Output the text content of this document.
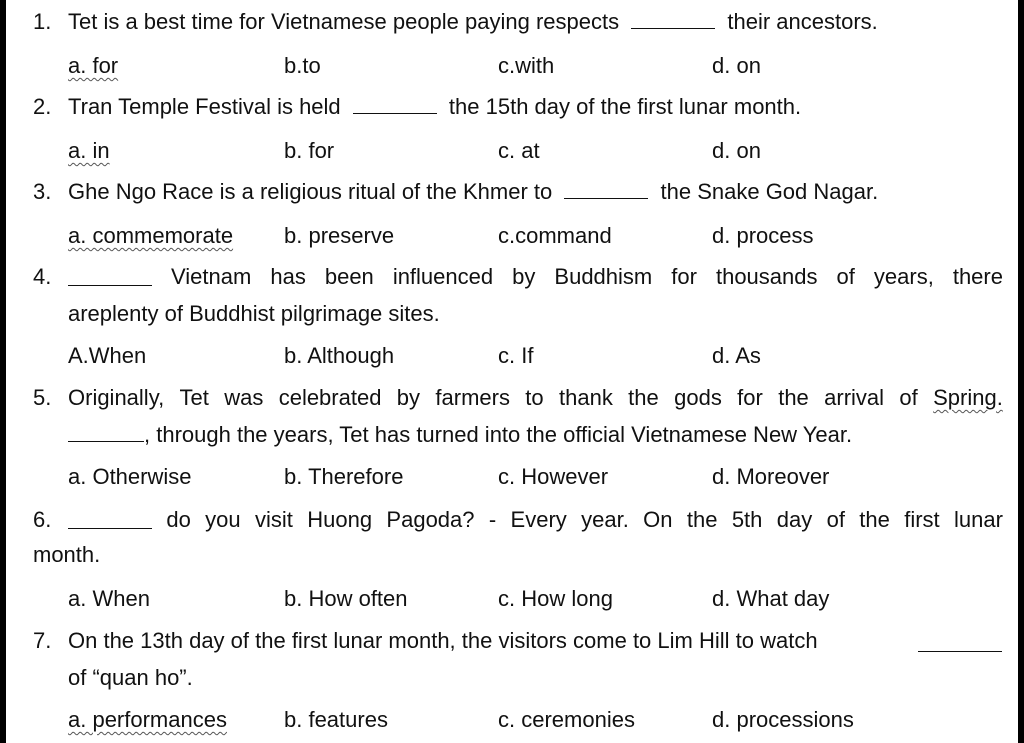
1. Tet is a best time for Vietnamese people paying respects	their ancestors.
a. for	b.to	c.with	d. on
2. Tran Temple Festival is held	the 15th day of the first lunar month.
a. in	b. for	c. at	d. on
3. Ghe Ngo Race is a religious ritual of the Khmer to	the Snake God Nagar.
a. commemorate b. preserve	c.command	d. process
4.	Vietnam has been influenced by Buddhism for thousands of years, there
areplenty of Buddhist pilgrimage sites.
A.When	b. Although	c. If	d. As
5. Originally, Tet was celebrated by farmers to thank the gods for the arrival of Spring.
, through the years, Tet has turned into the official Vietnamese New Year.
a. Otherwise	b. Therefore	c. However	d. Moreover
6.	do you visit Huong Pagoda? - Every year. On the 5th day of the first lunar
month.
a. When	b. How often	c. How long	d. What day
7. On the 13th day of the first lunar month, the visitors come to Lim Hill to watch
of “quan ho”.
a. performances	b. features	c. ceremonies	d. processions
